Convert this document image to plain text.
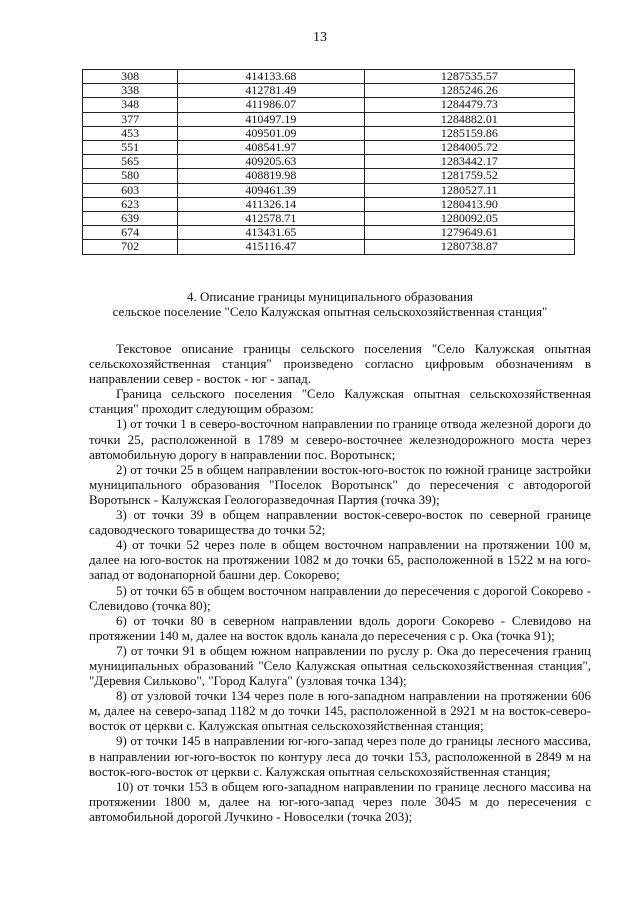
13
308	414133.68	1287535.57
338	412781.49	1285246.26
348	411986.07	1284479.73
377	410497.19	1284882.01
453	409501.09	1285159.86
551	408541.97	1284005.72
565	409205.63	1283442.17
580	408819.98	1281759.52
603	409461.39	1280527.11
623	411326.14	1280413.90
639	412578.71	1280092.05
674	413431.65	1279649.61
702	415116.47	1280738.87
4. Описание границы муниципального образования
сельское поселение "Село Калужская опытная сельскохозяйственная станция"

Текстовое описание границы сельского поселения "Село Калужская опытная сельскохозяйственная станция" произведено согласно цифровым обозначениям в направлении север - восток - юг - запад.

Граница сельского поселения "Село Калужская опытная сельскохозяйственная станция" проходит следующим образом:

1) от точки 1 в северо-восточном направлении по границе отвода железной дороги до точки 25, расположенной в 1789 м северо-восточнее железнодорожного моста через автомобильную дорогу в направлении пос. Воротынск;

2) от точки 25 в общем направлении восток-юго-восток по южной границе застройки муниципального образования "Поселок Воротынск" до пересечения с автодорогой Воротынск - Калужская Геологоразведочная Партия (точка 39);

3) от точки 39 в общем направлении восток-северо-восток по северной границе садоводческого товарищества до точки 52;

4) от точки 52 через поле в общем восточном направлении на протяжении 100 м, далее на юго-восток на протяжении 1082 м до точки 65, расположенной в 1522 м на юго-запад от водонапорной башни дер. Сокорево;

5) от точки 65 в общем восточном направлении до пересечения с дорогой Сокорево - Слевидово (точка 80);

6) от точки 80 в северном направлении вдоль дороги Сокорево - Слевидово на протяжении 140 м, далее на восток вдоль канала до пересечения с р. Ока (точка 91);

7) от точки 91 в общем южном направлении по руслу р. Ока до пересечения границ муниципальных образований "Село Калужская опытная сельскохозяйственная станция", "Деревня Сильково", "Город Калуга" (узловая точка 134);

8) от узловой точки 134 через поле в юго-западном направлении на протяжении 606 м, далее на северо-запад 1182 м до точки 145, расположенной в 2921 м на восток-северо-восток от церкви с. Калужская опытная сельскохозяйственная станция;

9) от точки 145 в направлении юг-юго-запад через поле до границы лесного массива, в направлении юг-юго-восток по контуру леса до точки 153, расположенной в 2849 м на восток-юго-восток от церкви с. Калужская опытная сельскохозяйственная станция;

10) от точки 153 в общем юго-западном направлении по границе лесного массива на протяжении 1800 м, далее на юг-юго-запад через поле 3045 м до пересечения с автомобильной дорогой Лучкино - Новоселки (точка 203);
